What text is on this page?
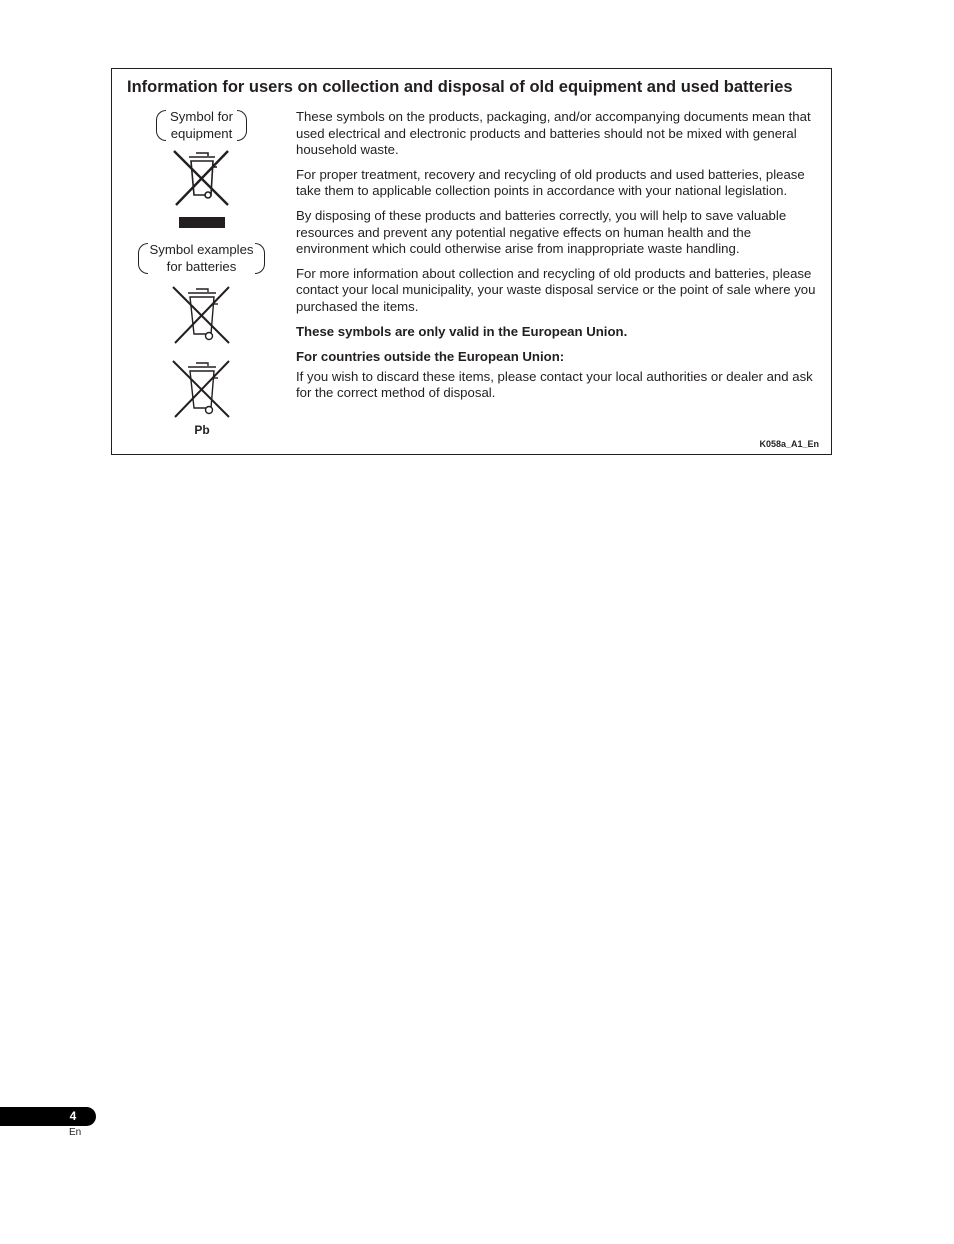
Information for users on collection and disposal of old equipment and used batteries
Symbol for
equipment
Symbol examples
for batteries
Pb

These symbols on the products, packaging, and/or accompanying documents mean that used electrical and electronic products and batteries should not be mixed with general household waste.

For proper treatment, recovery and recycling of old products and used batteries, please take them to applicable collection points in accordance with your national legislation.

By disposing of these products and batteries correctly, you will help to save valuable resources and prevent any potential negative effects on human health and the environment which could otherwise arise from inappropriate waste handling.

For more information about collection and recycling of old products and batteries, please contact your local municipality, your waste disposal service or the point of sale where you purchased the items.

These symbols are only valid in the European Union.

For countries outside the European Union:

If you wish to discard these items, please contact your local authorities or dealer and ask for the correct method of disposal.

K058a_A1_En
4
En
